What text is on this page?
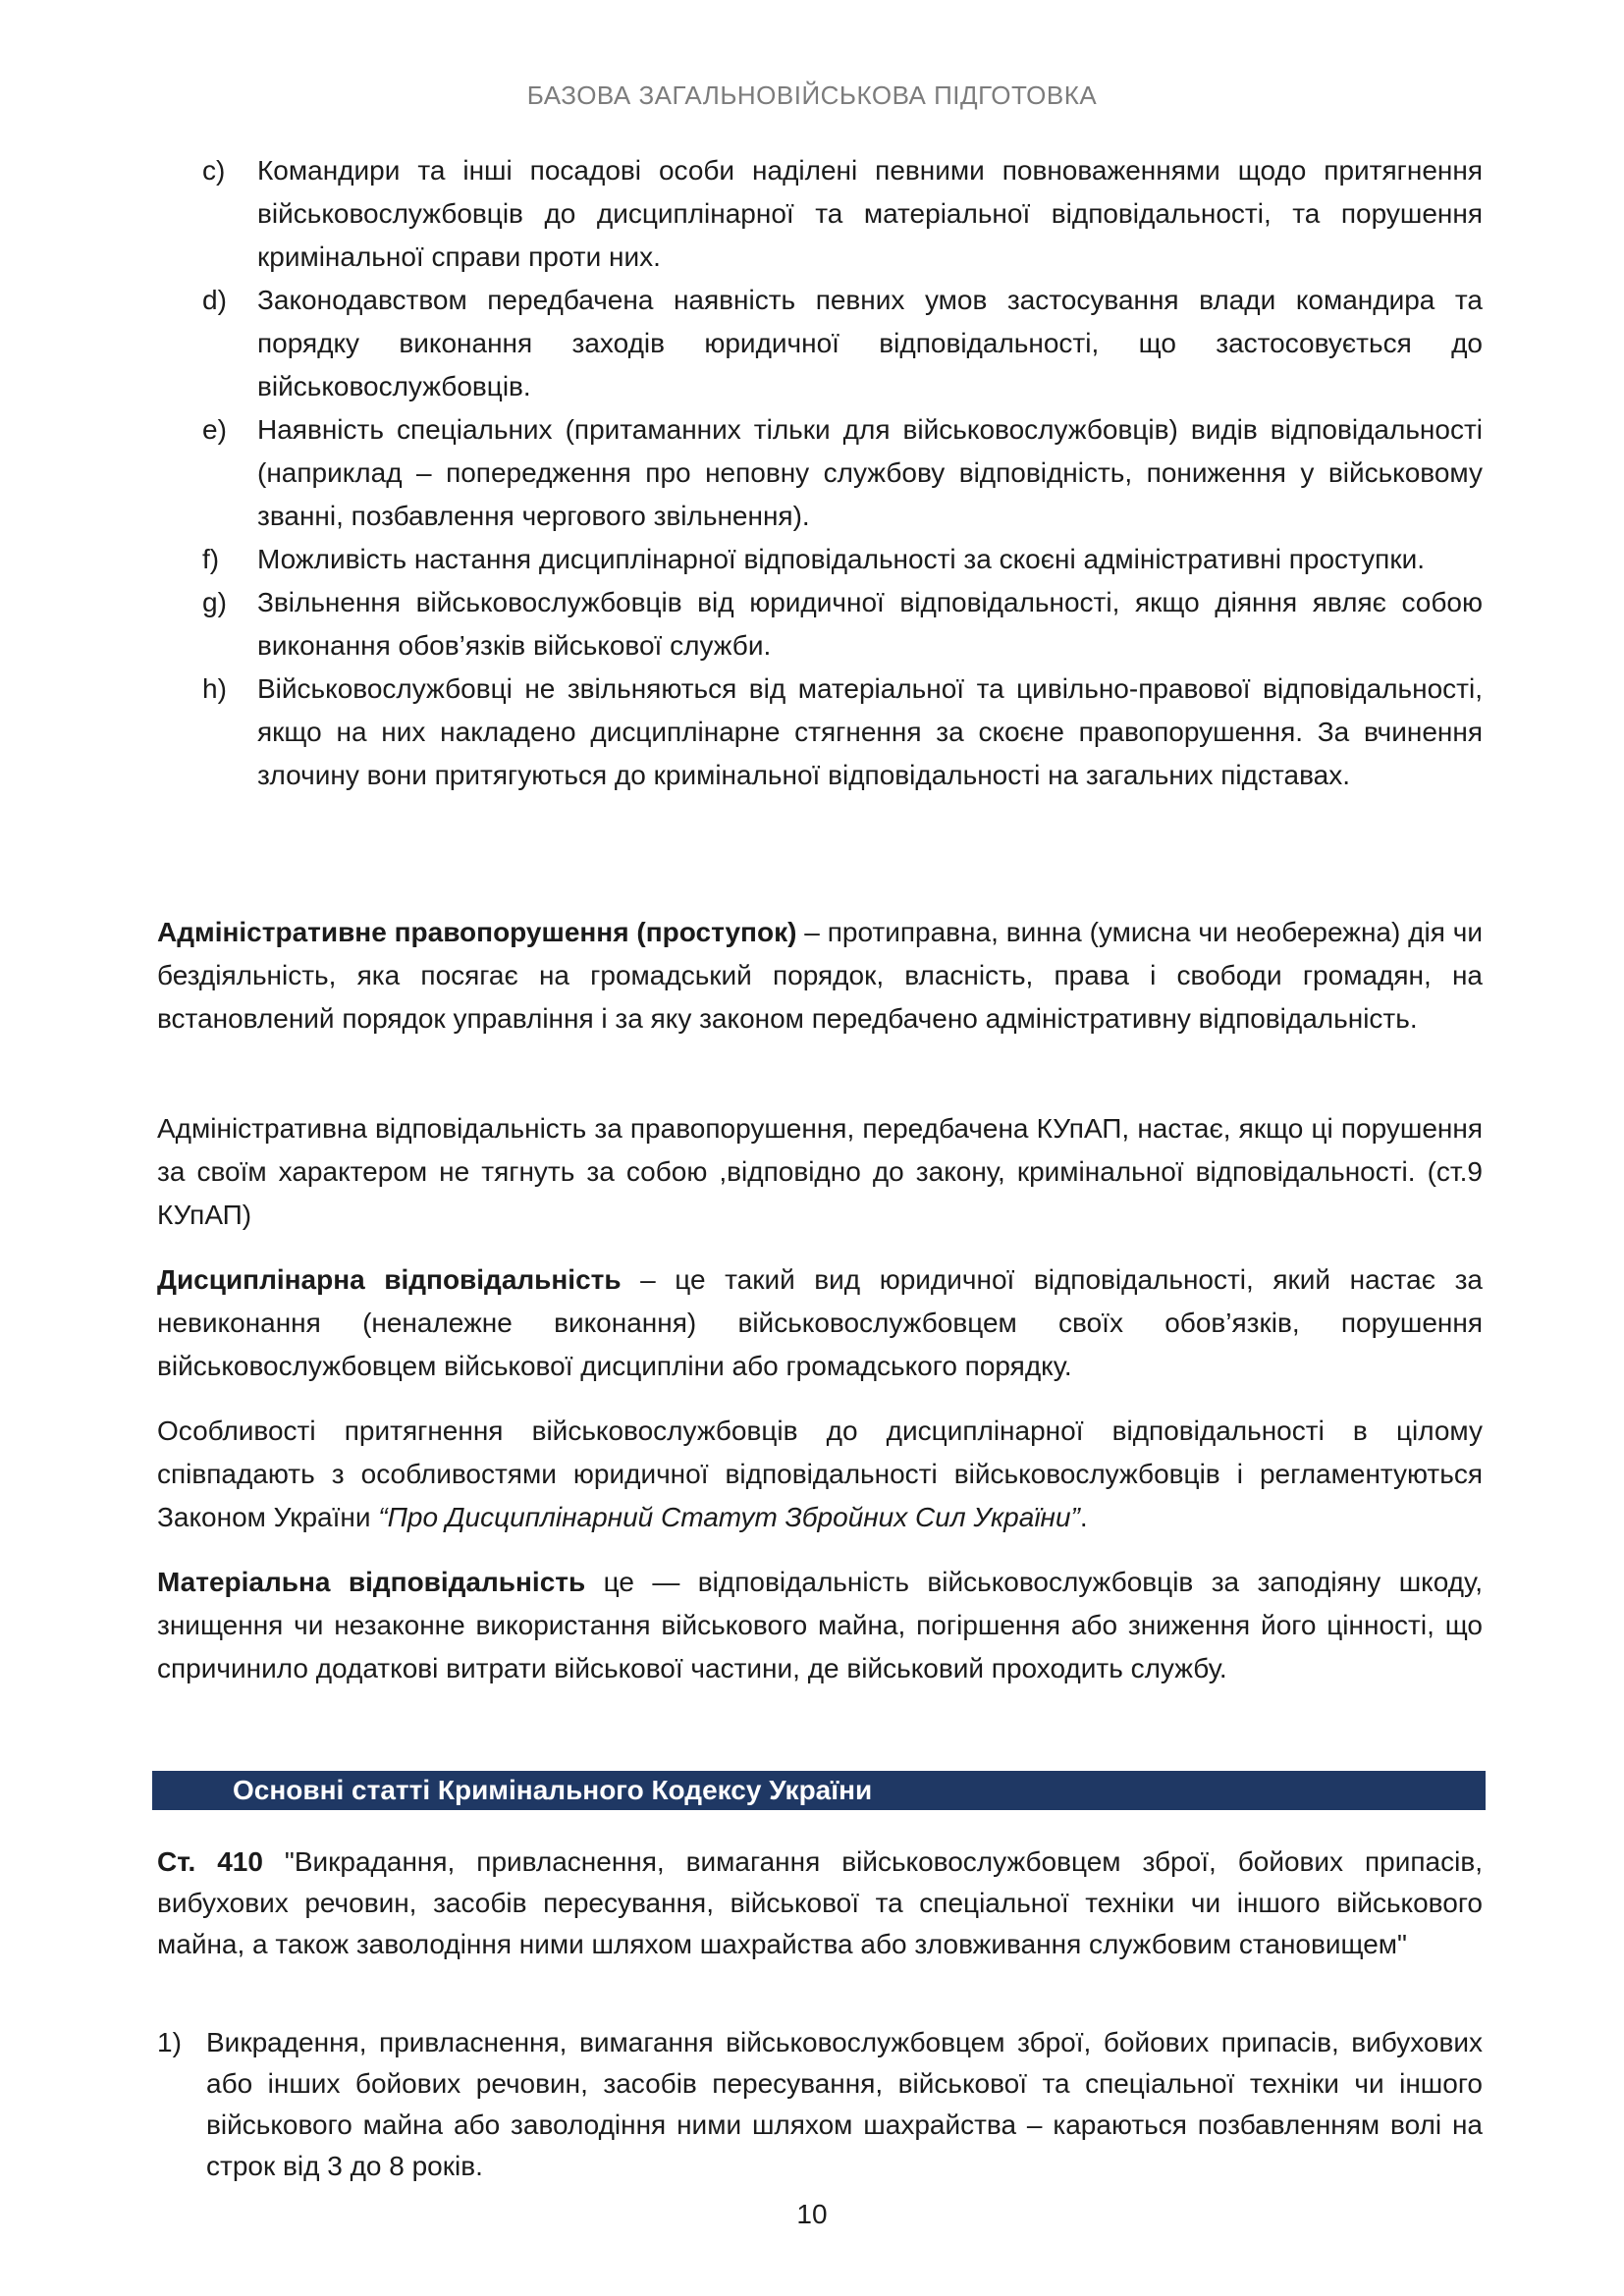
БАЗОВА ЗАГАЛЬНОВІЙСЬКОВА ПІДГОТОВКА
c) Командири та інші посадові особи наділені певними повноваженнями щодо притягнення військовослужбовців до дисциплінарної та матеріальної відповідальності, та порушення кримінальної справи проти них.
d) Законодавством передбачена наявність певних умов застосування влади командира та порядку виконання заходів юридичної відповідальності, що застосовується до військовослужбовців.
e) Наявність спеціальних (притаманних тільки для військовослужбовців) видів відповідальності (наприклад – попередження про неповну службову відповідність, пониження у військовому званні, позбавлення чергового звільнення).
f) Можливість настання дисциплінарної відповідальності за скоєні адміністративні проступки.
g) Звільнення військовослужбовців від юридичної відповідальності, якщо діяння являє собою виконання обов’язків військової служби.
h) Військовослужбовці не звільняються від матеріальної та цивільно-правової відповідальності, якщо на них накладено дисциплінарне стягнення за скоєне правопорушення. За вчинення злочину вони притягуються до кримінальної відповідальності на загальних підставах.

Адміністративне правопорушення (проступок) – протиправна, винна (умисна чи необережна) дія чи бездіяльність, яка посягає на громадський порядок, власність, права і свободи громадян, на встановлений порядок управління і за яку законом передбачено адміністративну відповідальність.

Адміністративна відповідальність за правопорушення, передбачена КУпАП, настає, якщо ці порушення за своїм характером не тягнуть за собою ,відповідно до закону, кримінальної відповідальності. (ст.9 КУпАП)

Дисциплінарна відповідальність – це такий вид юридичної відповідальності, який настає за невиконання (неналежне виконання) військовослужбовцем своїх обов’язків, порушення військовослужбовцем військової дисципліни або громадського порядку.

Особливості притягнення військовослужбовців до дисциплінарної відповідальності в цілому співпадають з особливостями юридичної відповідальності військовослужбовців і регламентуються Законом України “Про Дисциплінарний Статут Збройних Сил України”.

Матеріальна відповідальність це — відповідальність військовослужбовців за заподіяну шкоду, знищення чи незаконне використання військового майна, погіршення або зниження його цінності, що спричинило додаткові витрати військової частини, де військовий проходить службу.

Основні статті Кримінального Кодексу України

Ст. 410 "Викрадання, привласнення, вимагання військовослужбовцем зброї, бойових припасів, вибухових речовин, засобів пересування, військової та спеціальної техніки чи іншого військового майна, а також заволодіння ними шляхом шахрайства або зловживання службовим становищем"

1) Викрадення, привласнення, вимагання військовослужбовцем зброї, бойових припасів, вибухових або інших бойових речовин, засобів пересування, військової та спеціальної техніки чи іншого військового майна або заволодіння ними шляхом шахрайства – караються позбавленням волі на строк від 3 до 8 років.
10
